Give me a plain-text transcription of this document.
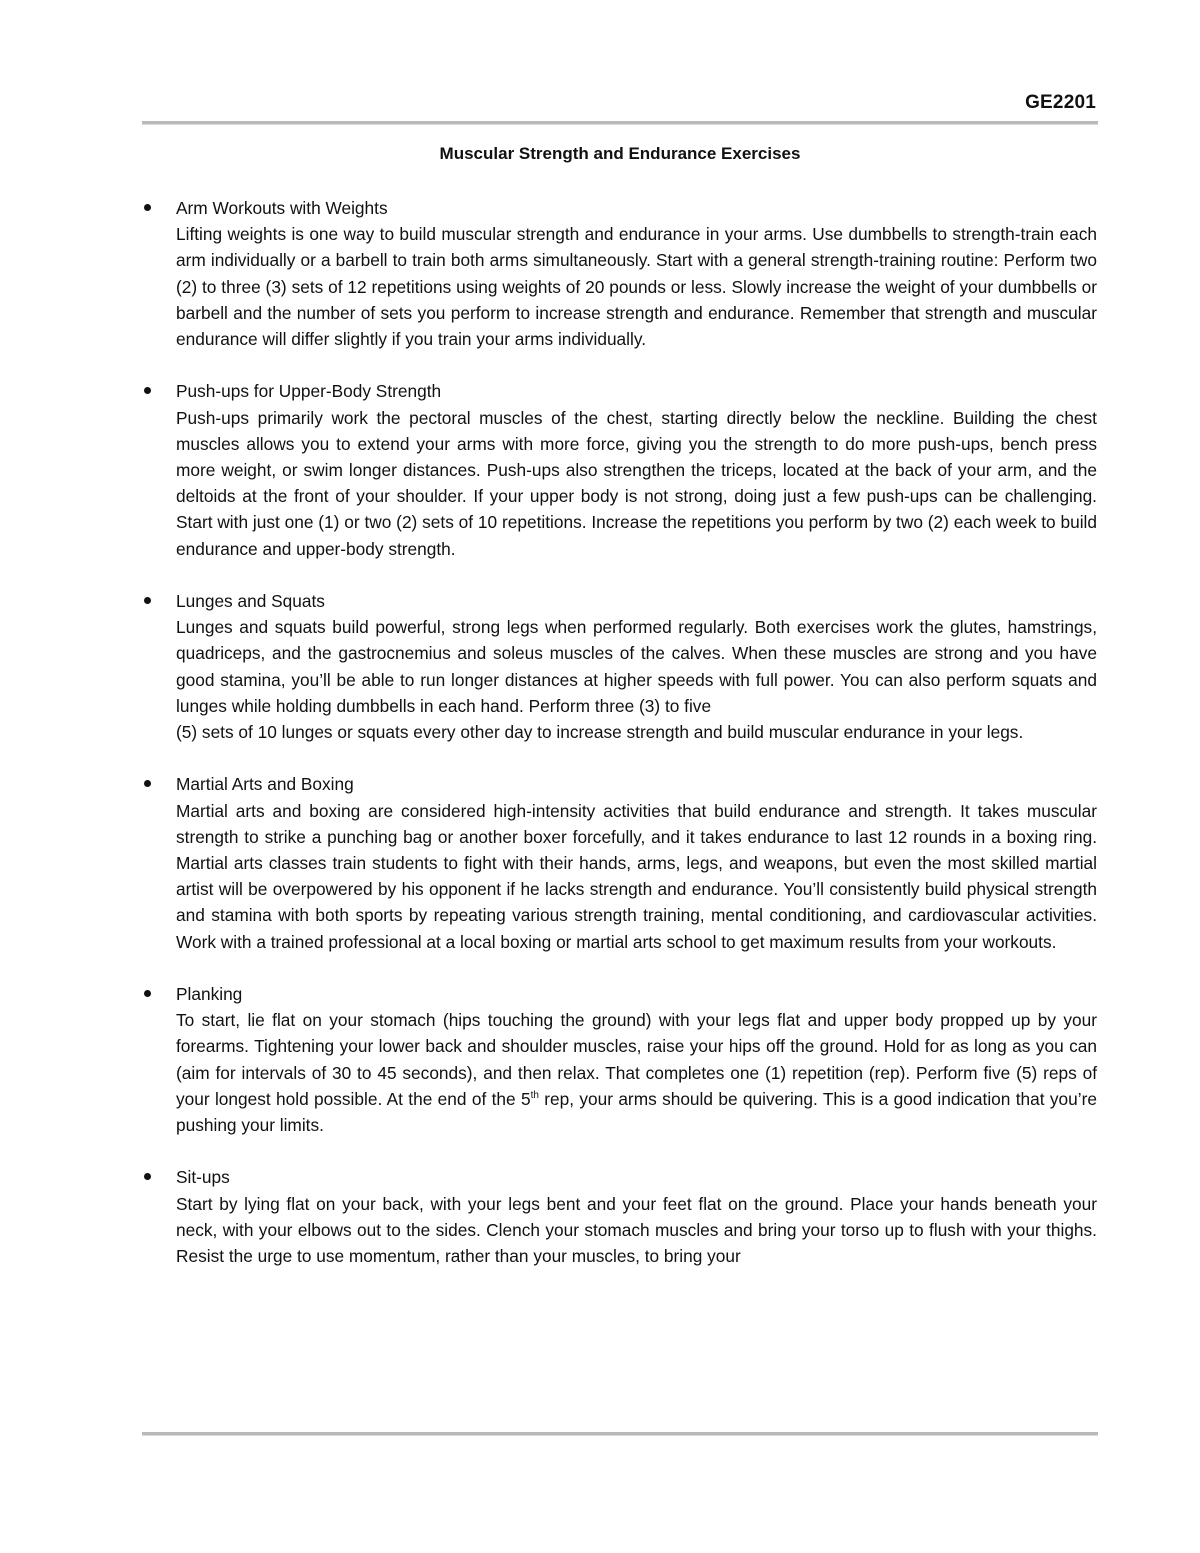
GE2201
Muscular Strength and Endurance Exercises
Arm Workouts with Weights
Lifting weights is one way to build muscular strength and endurance in your arms. Use dumbbells to strength-train each arm individually or a barbell to train both arms simultaneously. Start with a general strength-training routine: Perform two (2) to three (3) sets of 12 repetitions using weights of 20 pounds or less. Slowly increase the weight of your dumbbells or barbell and the number of sets you perform to increase strength and endurance. Remember that strength and muscular endurance will differ slightly if you train your arms individually.
Push-ups for Upper-Body Strength
Push-ups primarily work the pectoral muscles of the chest, starting directly below the neckline. Building the chest muscles allows you to extend your arms with more force, giving you the strength to do more push-ups, bench press more weight, or swim longer distances. Push-ups also strengthen the triceps, located at the back of your arm, and the deltoids at the front of your shoulder. If your upper body is not strong, doing just a few push-ups can be challenging. Start with just one (1) or two (2) sets of 10 repetitions. Increase the repetitions you perform by two (2) each week to build endurance and upper-body strength.
Lunges and Squats
Lunges and squats build powerful, strong legs when performed regularly. Both exercises work the glutes, hamstrings, quadriceps, and the gastrocnemius and soleus muscles of the calves. When these muscles are strong and you have good stamina, you’ll be able to run longer distances at higher speeds with full power. You can also perform squats and lunges while holding dumbbells in each hand. Perform three (3) to five
(5) sets of 10 lunges or squats every other day to increase strength and build muscular endurance in your legs.
Martial Arts and Boxing
Martial arts and boxing are considered high-intensity activities that build endurance and strength. It takes muscular strength to strike a punching bag or another boxer forcefully, and it takes endurance to last 12 rounds in a boxing ring. Martial arts classes train students to fight with their hands, arms, legs, and weapons, but even the most skilled martial artist will be overpowered by his opponent if he lacks strength and endurance. You’ll consistently build physical strength and stamina with both sports by repeating various strength training, mental conditioning, and cardiovascular activities. Work with a trained professional at a local boxing or martial arts school to get maximum results from your workouts.
Planking
To start, lie flat on your stomach (hips touching the ground) with your legs flat and upper body propped up by your forearms. Tightening your lower back and shoulder muscles, raise your hips off the ground. Hold for as long as you can (aim for intervals of 30 to 45 seconds), and then relax. That completes one (1) repetition (rep). Perform five (5) reps of your longest hold possible. At the end of the 5th rep, your arms should be quivering. This is a good indication that you’re pushing your limits.
Sit-ups
Start by lying flat on your back, with your legs bent and your feet flat on the ground. Place your hands beneath your neck, with your elbows out to the sides. Clench your stomach muscles and bring your torso up to flush with your thighs. Resist the urge to use momentum, rather than your muscles, to bring your
